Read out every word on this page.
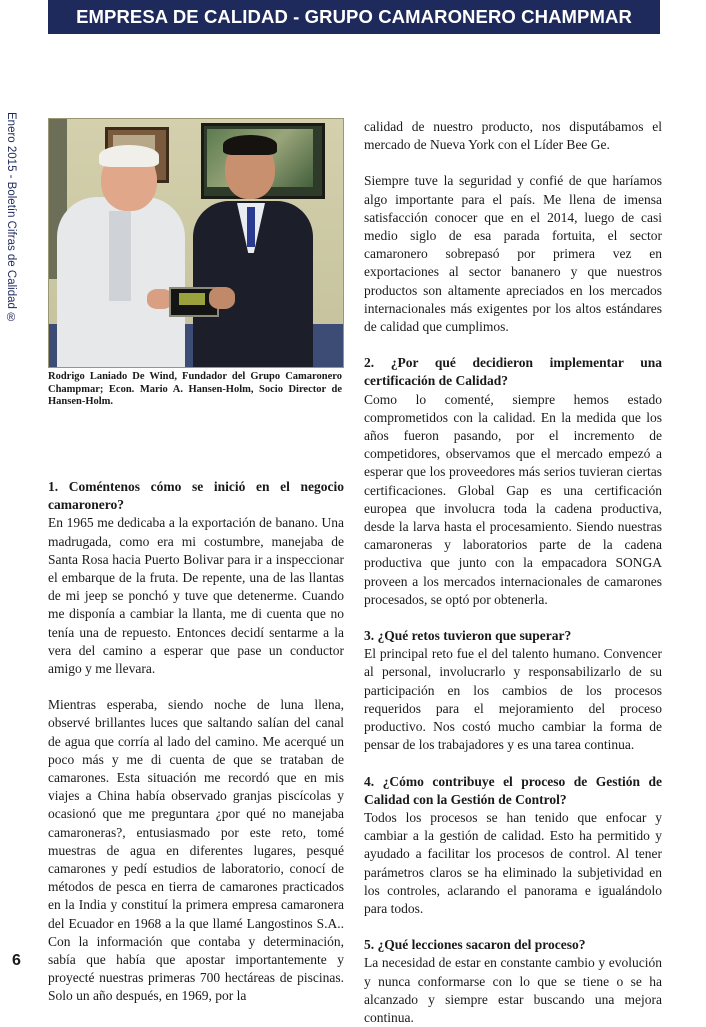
EMPRESA DE CALIDAD - GRUPO CAMARONERO CHAMPMAR
Enero 2015 - Boletín Cifras de Calidad ®
Rodrigo Laniado De Wind, Fundador del Grupo Camaronero Champmar; Econ. Mario A. Hansen-Holm, Socio Director de Hansen-Holm.

1. Coméntenos cómo se inició en el negocio camaronero?

En 1965 me dedicaba a la exportación de banano. Una madrugada, como era mi costumbre, manejaba de Santa Rosa hacia Puerto Bolivar para ir a inspeccionar el embarque de la fruta. De repente, una de las llantas de mi jeep se ponchó y tuve que detenerme. Cuando me disponía a cambiar la llanta, me di cuenta que no tenía una de repuesto. Entonces decidí sentarme a la vera del camino a esperar que pase un conductor amigo y me llevara.

Mientras esperaba, siendo noche de luna llena, observé brillantes luces que saltando salían del canal de agua que corría al lado del camino. Me acerqué un poco más y me di cuenta de que se trataban de camarones. Esta situación me recordó que en mis viajes a China había observado granjas piscícolas y ocasionó que me preguntara ¿por qué no manejaba camaroneras?, entusiasmado por este reto, tomé muestras de agua en diferentes lugares, pesqué camarones y pedí estudios de laboratorio, conocí de métodos de pesca en tierra de camarones practicados en la India y constituí la primera empresa camaronera del Ecuador en 1968 a la que llamé Langostinos S.A.. Con la información que contaba y determinación, sabía que había que apostar importantemente y proyecté nuestras primeras 700 hectáreas de piscinas. Solo un año después, en 1969, por la

calidad de nuestro producto, nos disputábamos el mercado de Nueva York con el Líder Bee Ge.

Siempre tuve la seguridad y confié de que haríamos algo importante para el país. Me llena de imensa satisfacción conocer que en el 2014, luego de casi medio siglo de esa parada fortuita, el sector camaronero sobrepasó por primera vez en exportaciones al sector bananero y que nuestros productos son altamente apreciados en los mercados internacionales más exigentes por los altos estándares de calidad que cumplimos.

2. ¿Por qué decidieron implementar una certificación de Calidad?

Como lo comenté, siempre hemos estado comprometidos con la calidad. En la medida que los años fueron pasando, por el incremento de competidores, observamos que el mercado empezó a esperar que los proveedores más serios tuvieran ciertas certificaciones. Global Gap es una certificación europea que involucra toda la cadena productiva, desde la larva hasta el procesamiento. Siendo nuestras camaroneras y laboratorios parte de la cadena productiva que junto con la empacadora SONGA proveen a los mercados internacionales de camarones procesados, se optó por obtenerla.

3. ¿Qué retos tuvieron que superar?

El principal reto fue el del talento humano. Convencer al personal, involucrarlo y responsabilizarlo de su participación en los cambios de los procesos requeridos para el mejoramiento del proceso productivo. Nos costó mucho cambiar la forma de pensar de los trabajadores y es una tarea continua.

4. ¿Cómo contribuye el proceso de Gestión de Calidad con la Gestión de Control?

Todos los procesos se han tenido que enfocar y cambiar a la gestión de calidad. Esto ha permitido y ayudado a facilitar los procesos de control. Al tener parámetros claros se ha eliminado la subjetividad en los controles, aclarando el panorama e igualándolo para todos.

5. ¿Qué lecciones sacaron del proceso?

La necesidad de estar en constante cambio y evolución y nunca conformarse con lo que se tiene o se ha alcanzado y siempre estar buscando una mejora continua.

6
